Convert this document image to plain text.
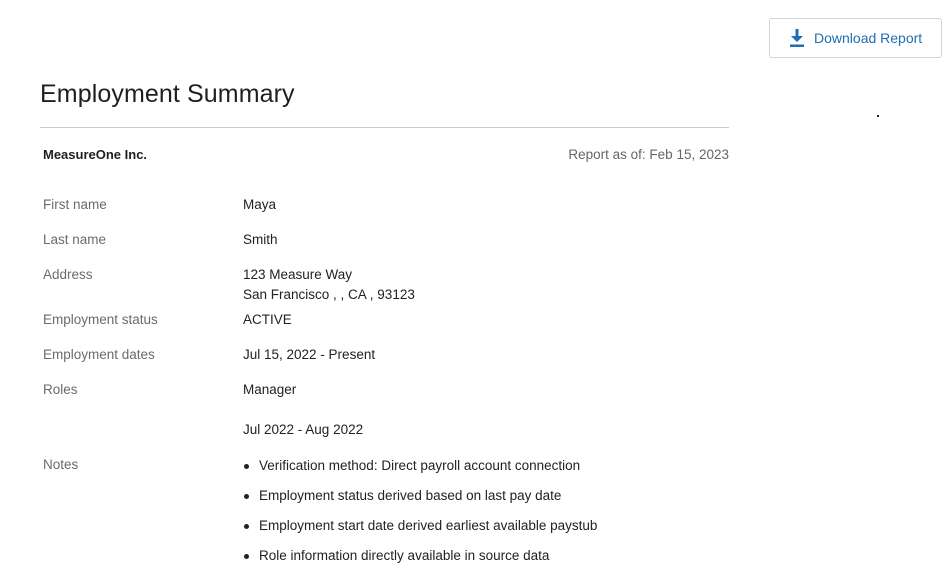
Download Report
Employment Summary
MeasureOne Inc.	Report as of: Feb 15, 2023
First name	Maya
Last name	Smith
Address	123 Measure Way
San Francisco , , CA , 93123
Employment status	ACTIVE
Employment dates	Jul 15, 2022 - Present
Roles	Manager
Jul 2022 - Aug 2022
Notes	Verification method: Direct payroll account connection
Employment status derived based on last pay date
Employment start date derived earliest available paystub
Role information directly available in source data
